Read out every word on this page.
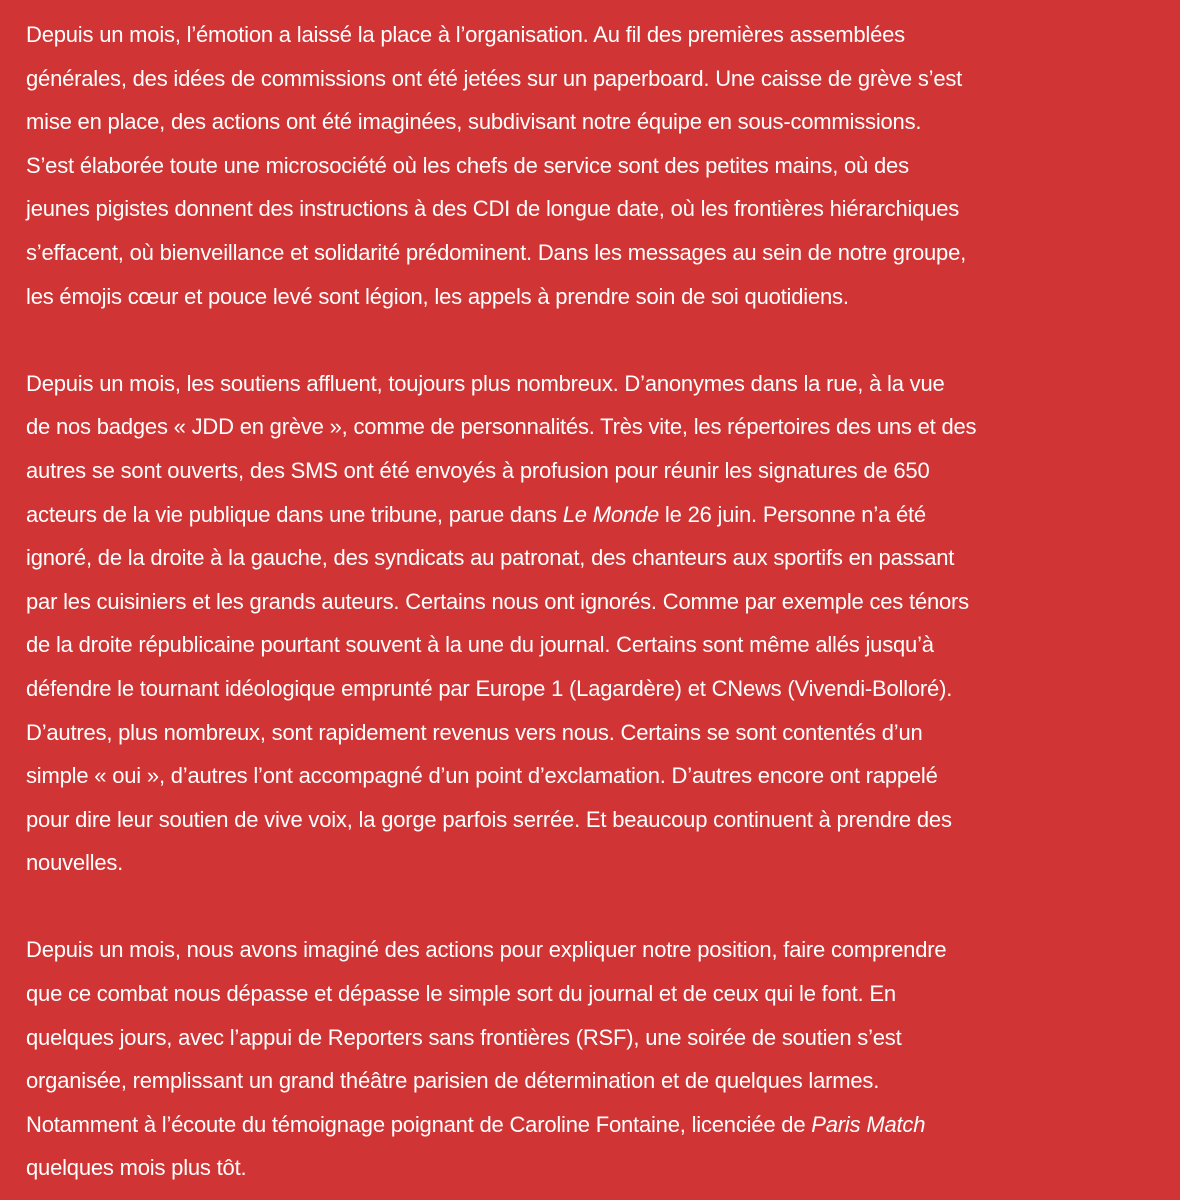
Depuis un mois, l’émotion a laissé la place à l’organisation. Au fil des premières assemblées
générales, des idées de commissions ont été jetées sur un paperboard. Une caisse de grève s’est
mise en place, des actions ont été imaginées, subdivisant notre équipe en sous-commissions.
S’est élaborée toute une microsociété où les chefs de service sont des petites mains, où des
jeunes pigistes donnent des instructions à des CDI de longue date, où les frontières hiérarchiques
s’effacent, où bienveillance et solidarité prédominent. Dans les messages au sein de notre groupe,
les émojis cœur et pouce levé sont légion, les appels à prendre soin de soi quotidiens.

Depuis un mois, les soutiens affluent, toujours plus nombreux. D’anonymes dans la rue, à la vue
de nos badges « JDD en grève », comme de personnalités. Très vite, les répertoires des uns et des
autres se sont ouverts, des SMS ont été envoyés à profusion pour réunir les signatures de 650
acteurs de la vie publique dans une tribune, parue dans Le Monde le 26 juin. Personne n’a été
ignoré, de la droite à la gauche, des syndicats au patronat, des chanteurs aux sportifs en passant
par les cuisiniers et les grands auteurs. Certains nous ont ignorés. Comme par exemple ces ténors
de la droite républicaine pourtant souvent à la une du journal. Certains sont même allés jusqu’à
défendre le tournant idéologique emprunté par Europe 1 (Lagardère) et CNews (Vivendi-Bolloré).
D’autres, plus nombreux, sont rapidement revenus vers nous. Certains se sont contentés d’un
simple « oui », d’autres l’ont accompagné d’un point d’exclamation. D’autres encore ont rappelé
pour dire leur soutien de vive voix, la gorge parfois serrée. Et beaucoup continuent à prendre des
nouvelles.

Depuis un mois, nous avons imaginé des actions pour expliquer notre position, faire comprendre
que ce combat nous dépasse et dépasse le simple sort du journal et de ceux qui le font. En
quelques jours, avec l’appui de Reporters sans frontières (RSF), une soirée de soutien s’est
organisée, remplissant un grand théâtre parisien de détermination et de quelques larmes.
Notamment à l’écoute du témoignage poignant de Caroline Fontaine, licenciée de Paris Match
quelques mois plus tôt.
